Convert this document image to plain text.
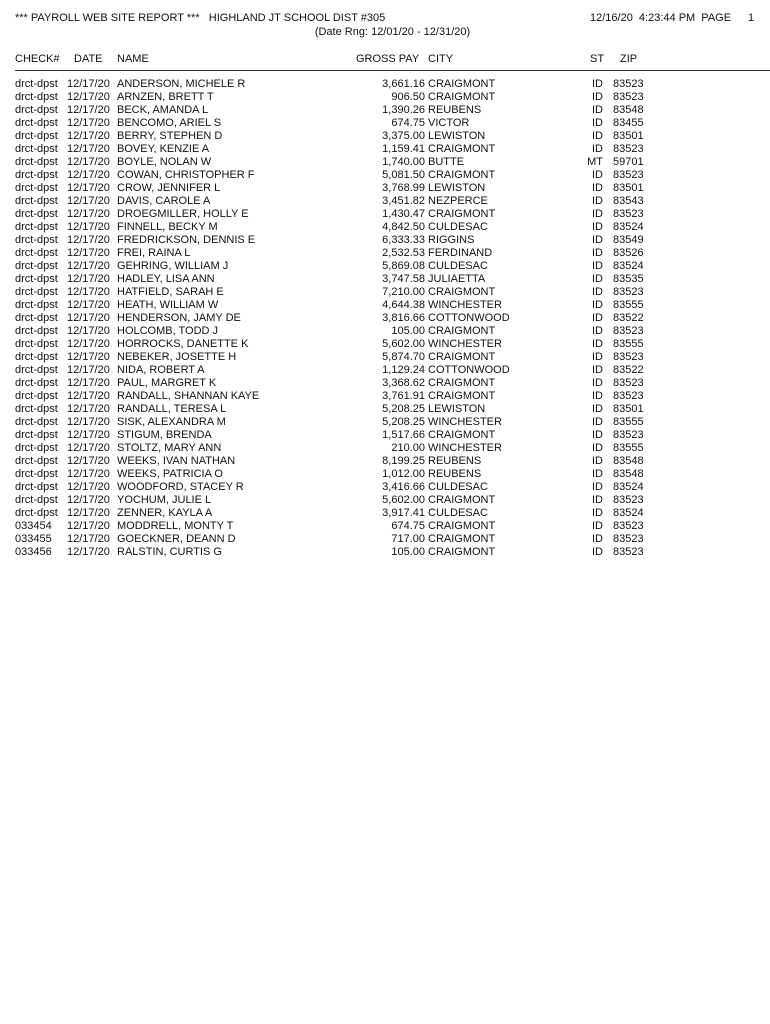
*** PAYROLL WEB SITE REPORT ***   HIGHLAND JT SCHOOL DIST #305	12/16/20  4:23:44 PM  PAGE 1
(Date Rng: 12/01/20 - 12/31/20)
CHECK# DATE NAME	GROSS PAY CITY	ST ZIP
drct-dpst 12/17/20 ANDERSON, MICHELE R	3,661.16 CRAIGMONT	ID 83523
drct-dpst 12/17/20 ARNZEN, BRETT T	906.50 CRAIGMONT	ID 83523
drct-dpst 12/17/20 BECK, AMANDA L	1,390.26 REUBENS	ID 83548
drct-dpst 12/17/20 BENCOMO, ARIEL S	674.75 VICTOR	ID 83455
drct-dpst 12/17/20 BERRY, STEPHEN D	3,375.00 LEWISTON	ID 83501
drct-dpst 12/17/20 BOVEY, KENZIE A	1,159.41 CRAIGMONT	ID 83523
drct-dpst 12/17/20 BOYLE, NOLAN W	1,740.00 BUTTE	MT 59701
drct-dpst 12/17/20 COWAN, CHRISTOPHER F	5,081.50 CRAIGMONT	ID 83523
drct-dpst 12/17/20 CROW, JENNIFER L	3,768.99 LEWISTON	ID 83501
drct-dpst 12/17/20 DAVIS, CAROLE A	3,451.82 NEZPERCE	ID 83543
drct-dpst 12/17/20 DROEGMILLER, HOLLY E	1,430.47 CRAIGMONT	ID 83523
drct-dpst 12/17/20 FINNELL, BECKY M	4,842.50 CULDESAC	ID 83524
drct-dpst 12/17/20 FREDRICKSON, DENNIS E	6,333.33 RIGGINS	ID 83549
drct-dpst 12/17/20 FREI, RAINA L	2,532.53 FERDINAND	ID 83526
drct-dpst 12/17/20 GEHRING, WILLIAM J	5,869.08 CULDESAC	ID 83524
drct-dpst 12/17/20 HADLEY, LISA ANN	3,747.58 JULIAETTA	ID 83535
drct-dpst 12/17/20 HATFIELD, SARAH E	7,210.00 CRAIGMONT	ID 83523
drct-dpst 12/17/20 HEATH, WILLIAM W	4,644.38 WINCHESTER	ID 83555
drct-dpst 12/17/20 HENDERSON, JAMY DE	3,816.66 COTTONWOOD	ID 83522
drct-dpst 12/17/20 HOLCOMB, TODD J	105.00 CRAIGMONT	ID 83523
drct-dpst 12/17/20 HORROCKS, DANETTE K	5,602.00 WINCHESTER	ID 83555
drct-dpst 12/17/20 NEBEKER, JOSETTE H	5,874.70 CRAIGMONT	ID 83523
drct-dpst 12/17/20 NIDA, ROBERT A	1,129.24 COTTONWOOD	ID 83522
drct-dpst 12/17/20 PAUL, MARGRET K	3,368.62 CRAIGMONT	ID 83523
drct-dpst 12/17/20 RANDALL, SHANNAN KAYE	3,761.91 CRAIGMONT	ID 83523
drct-dpst 12/17/20 RANDALL, TERESA L	5,208.25 LEWISTON	ID 83501
drct-dpst 12/17/20 SISK, ALEXANDRA M	5,208.25 WINCHESTER	ID 83555
drct-dpst 12/17/20 STIGUM, BRENDA	1,517.66 CRAIGMONT	ID 83523
drct-dpst 12/17/20 STOLTZ, MARY ANN	210.00 WINCHESTER	ID 83555
drct-dpst 12/17/20 WEEKS, IVAN NATHAN	8,199.25 REUBENS	ID 83548
drct-dpst 12/17/20 WEEKS, PATRICIA O	1,012.00 REUBENS	ID 83548
drct-dpst 12/17/20 WOODFORD, STACEY R	3,416.66 CULDESAC	ID 83524
drct-dpst 12/17/20 YOCHUM, JULIE L	5,602.00 CRAIGMONT	ID 83523
drct-dpst 12/17/20 ZENNER, KAYLA A	3,917.41 CULDESAC	ID 83524
033454 12/17/20 MODDRELL, MONTY T	674.75 CRAIGMONT	ID 83523
033455 12/17/20 GOECKNER, DEANN D	717.00 CRAIGMONT	ID 83523
033456 12/17/20 RALSTIN, CURTIS G	105.00 CRAIGMONT	ID 83523
